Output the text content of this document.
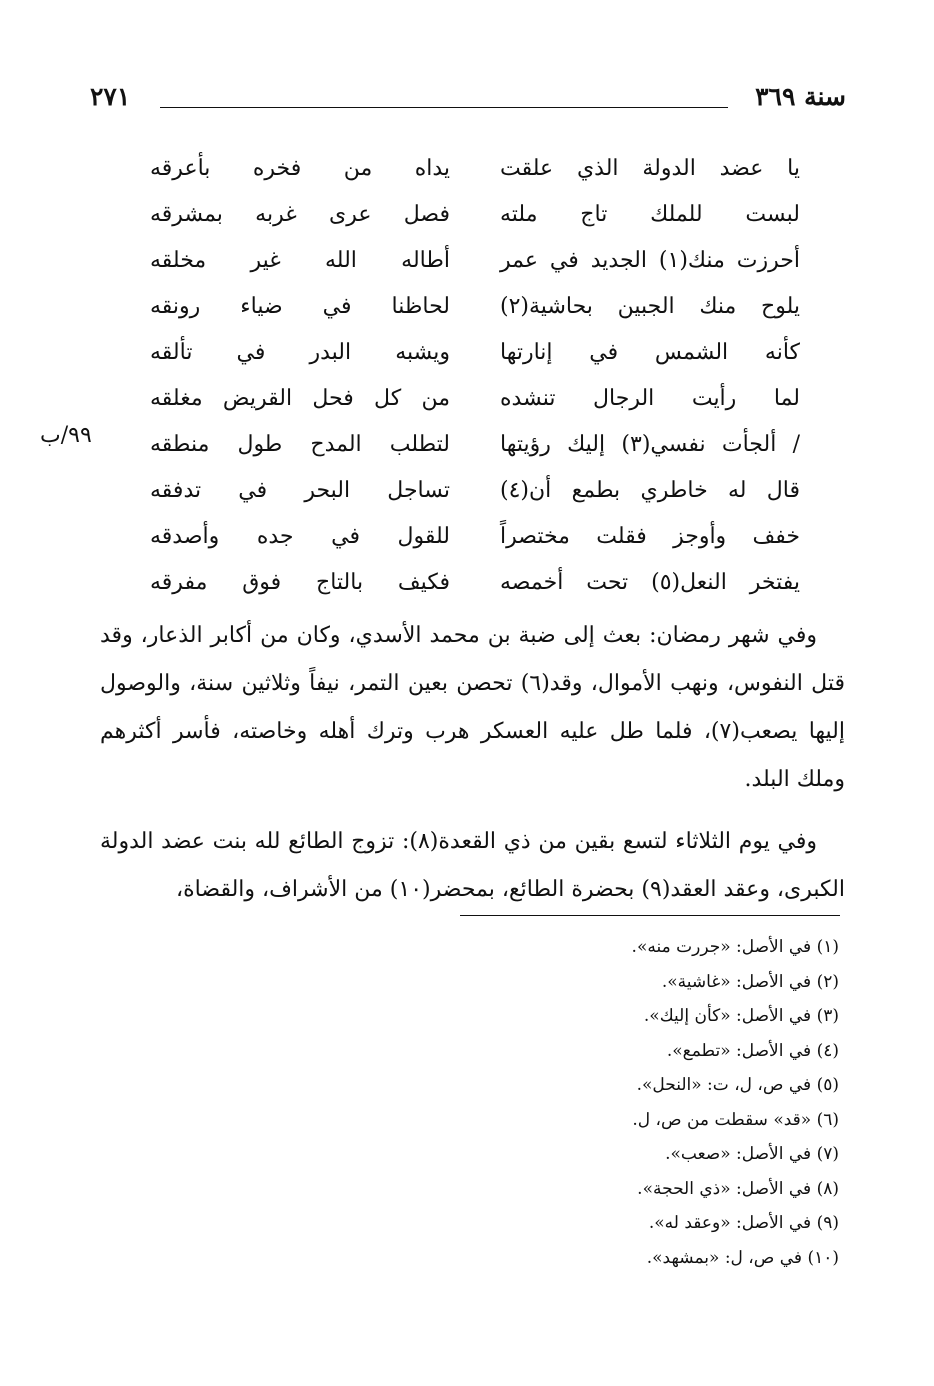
سنة ٣٦٩
٢٧١
يا عضد الدولة الذي علقت
يداه من فخره بأعرقه
لبست للملك تاج ملته
فصل عرى غربه بمشرقه
أحرزت منك(١) الجديد في عمر
أطاله الله غير مخلقه
يلوح منك الجبين بحاشية(٢)
لحاظنا في ضياء رونقه
كأنه الشمس في إنارتها
ويشبه البدر في تألقه
لما رأيت الرجال تنشده
من كل فحل القريض مغلقه
/ ألجأت نفسي(٣) إليك رؤيتها
لتطلب المدح طول منطقه
قال له خاطري بطمع أن(٤)
تساجل البحر في تدفقه
خفف وأوجز فقلت مختصراً
للقول في جده وأصدقه
يفتخر النعل(٥) تحت أخمصه
فكيف بالتاج فوق مفرقه
٩٩/ب

وفي شهر رمضان: بعث إلى ضبة بن محمد الأسدي، وكان من أكابر الذعار، وقد قتل النفوس، ونهب الأموال، وقد(٦) تحصن بعين التمر، نيفاً وثلاثين سنة، والوصول إليها يصعب(٧)، فلما طل عليه العسكر هرب وترك أهله وخاصته، فأسر أكثرهم وملك البلد.

وفي يوم الثلاثاء لتسع بقين من ذي القعدة(٨): تزوج الطائع لله بنت عضد الدولة الكبرى، وعقد العقد(٩) بحضرة الطائع، بمحضر(١٠) من الأشراف، والقضاة،

(١) في الأصل: «جررت منه».
(٢) في الأصل: «غاشية».
(٣) في الأصل: «كأن إليك».
(٤) في الأصل: «تطمع».
(٥) في ص، ل، ت: «النحل».
(٦) «قد» سقطت من ص، ل.
(٧) في الأصل: «صعب».
(٨) في الأصل: «ذي الحجة».
(٩) في الأصل: «وعقد له».
(١٠) في ص، ل: «بمشهد».
